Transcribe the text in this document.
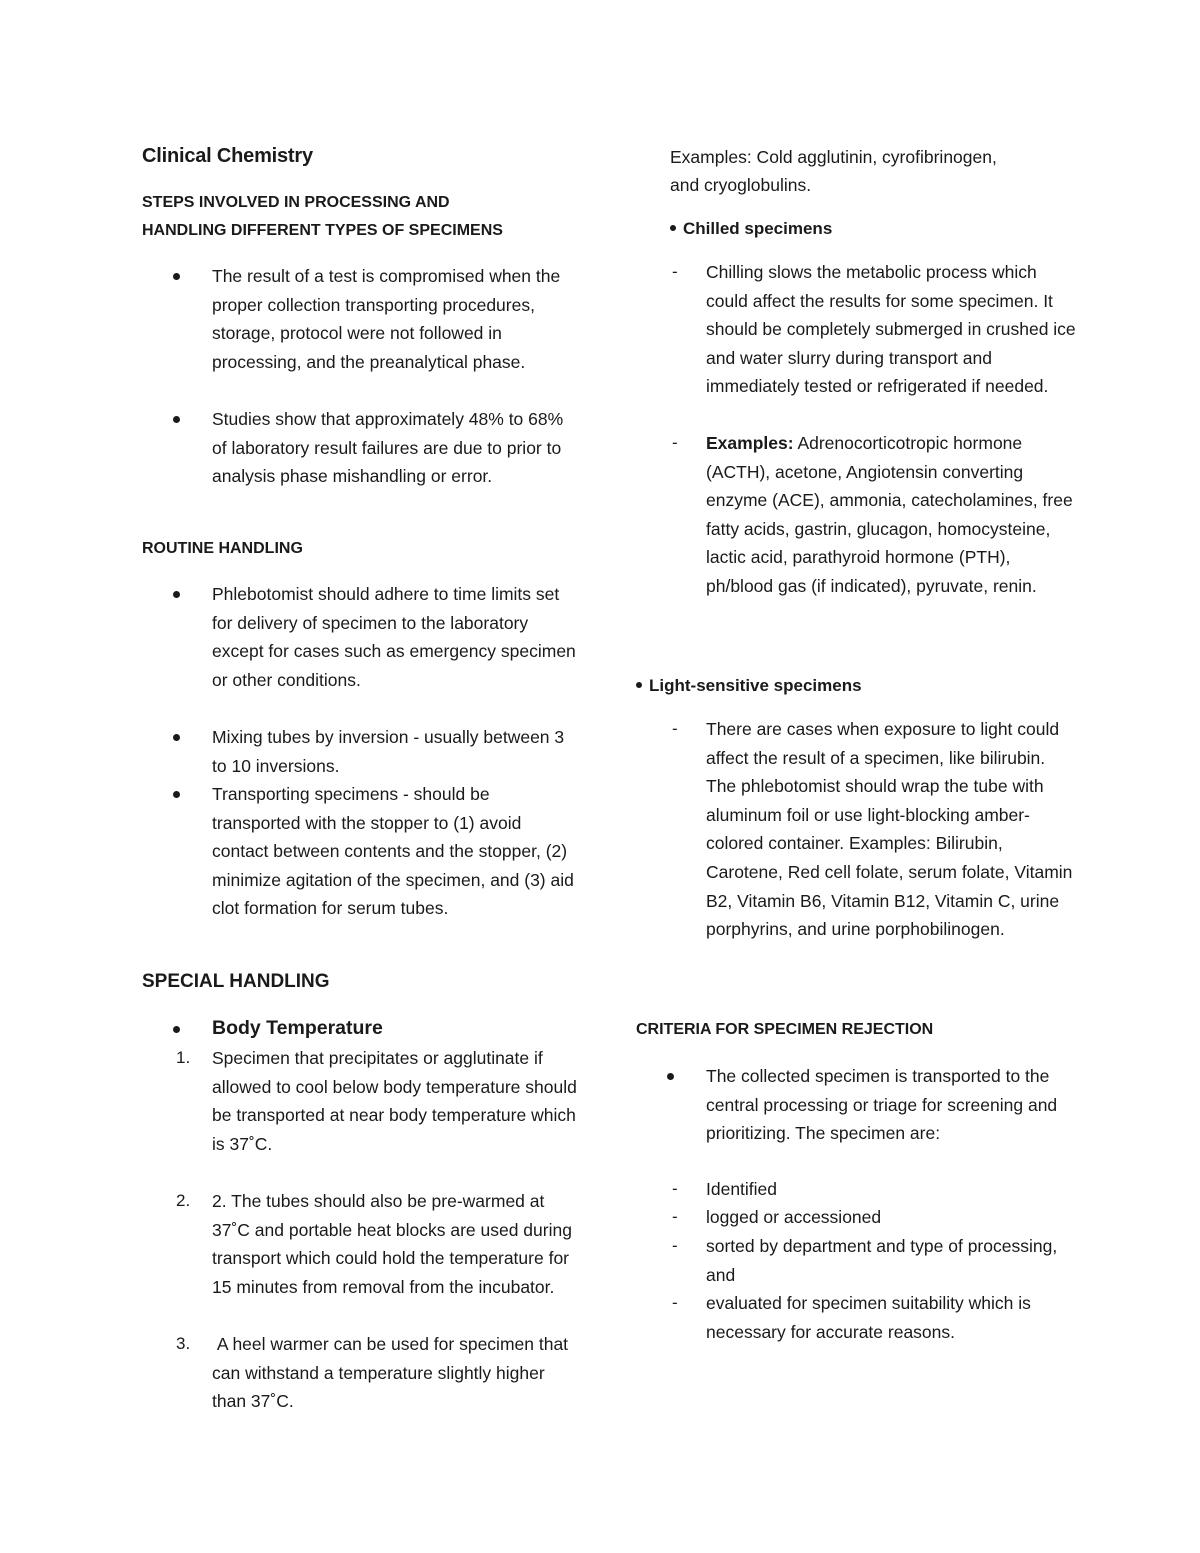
Clinical Chemistry
STEPS INVOLVED IN PROCESSING AND
HANDLING DIFFERENT TYPES OF SPECIMENS
The result of a test is compromised when the proper collection transporting procedures, storage, protocol were not followed in processing, and the preanalytical phase.
Studies show that approximately 48% to 68% of laboratory result failures are due to prior to analysis phase mishandling or error.
ROUTINE HANDLING
Phlebotomist should adhere to time limits set for delivery of specimen to the laboratory except for cases such as emergency specimen or other conditions.
Mixing tubes by inversion - usually between 3 to 10 inversions.
Transporting specimens - should be transported with the stopper to (1) avoid contact between contents and the stopper, (2) minimize agitation of the specimen, and (3) aid clot formation for serum tubes.
SPECIAL HANDLING
Body Temperature
1. Specimen that precipitates or agglutinate if allowed to cool below body temperature should be transported at near body temperature which is 37˚C.
2. 2. The tubes should also be pre-warmed at 37˚C and portable heat blocks are used during transport which could hold the temperature for 15 minutes from removal from the incubator.
3. A heel warmer can be used for specimen that can withstand a temperature slightly higher than 37˚C.
Examples: Cold agglutinin, cyrofibrinogen,
and cryoglobulins.
Chilled specimens
- Chilling slows the metabolic process which could affect the results for some specimen. It should be completely submerged in crushed ice and water slurry during transport and immediately tested or refrigerated if needed.
- Examples: Adrenocorticotropic hormone (ACTH), acetone, Angiotensin converting enzyme (ACE), ammonia, catecholamines, free fatty acids, gastrin, glucagon, homocysteine, lactic acid, parathyroid hormone (PTH), ph/blood gas (if indicated), pyruvate, renin.
Light-sensitive specimens
- There are cases when exposure to light could affect the result of a specimen, like bilirubin. The phlebotomist should wrap the tube with aluminum foil or use light-blocking amber-colored container. Examples: Bilirubin, Carotene, Red cell folate, serum folate, Vitamin B2, Vitamin B6, Vitamin B12, Vitamin C, urine porphyrins, and urine porphobilinogen.
CRITERIA FOR SPECIMEN REJECTION
The collected specimen is transported to the central processing or triage for screening and prioritizing. The specimen are:
- Identified
- logged or accessioned
- sorted by department and type of processing, and
- evaluated for specimen suitability which is necessary for accurate reasons.
